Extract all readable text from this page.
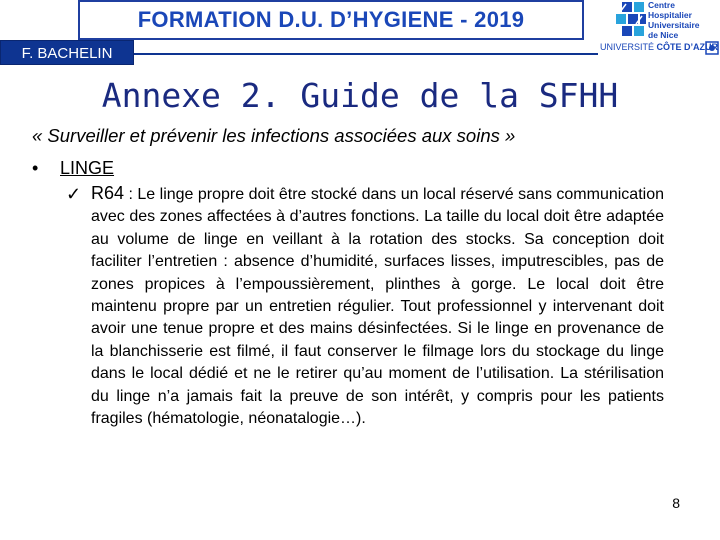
FORMATION D.U. D’HYGIENE - 2019
F. BACHELIN
Centre
Hospitalier
Universitaire
de Nice
UNIVERSITÉ CÔTE D’AZUR
Annexe 2. Guide de la SFHH
« Surveiller et prévenir les infections associées aux soins »
• LINGE
✓ R64 : Le linge propre doit être stocké dans un local réservé sans communication avec des zones affectées à d’autres fonctions. La taille du local doit être adaptée au volume de linge en veillant à la rotation des stocks. Sa conception doit faciliter l’entretien : absence d’humidité, surfaces lisses, imputrescibles, pas de zones propices à l’empoussièrement, plinthes à gorge. Le local doit être maintenu propre par un entretien régulier. Tout professionnel y intervenant doit avoir une tenue propre et des mains désinfectées. Si le linge en provenance de la blanchisserie est filmé, il faut conserver le filmage lors du stockage du linge dans le local dédié et ne le retirer qu’au moment de l’utilisation. La stérilisation du linge n’a jamais fait la preuve de son intérêt, y compris pour les patients fragiles (hématologie, néonatalogie…).
8
